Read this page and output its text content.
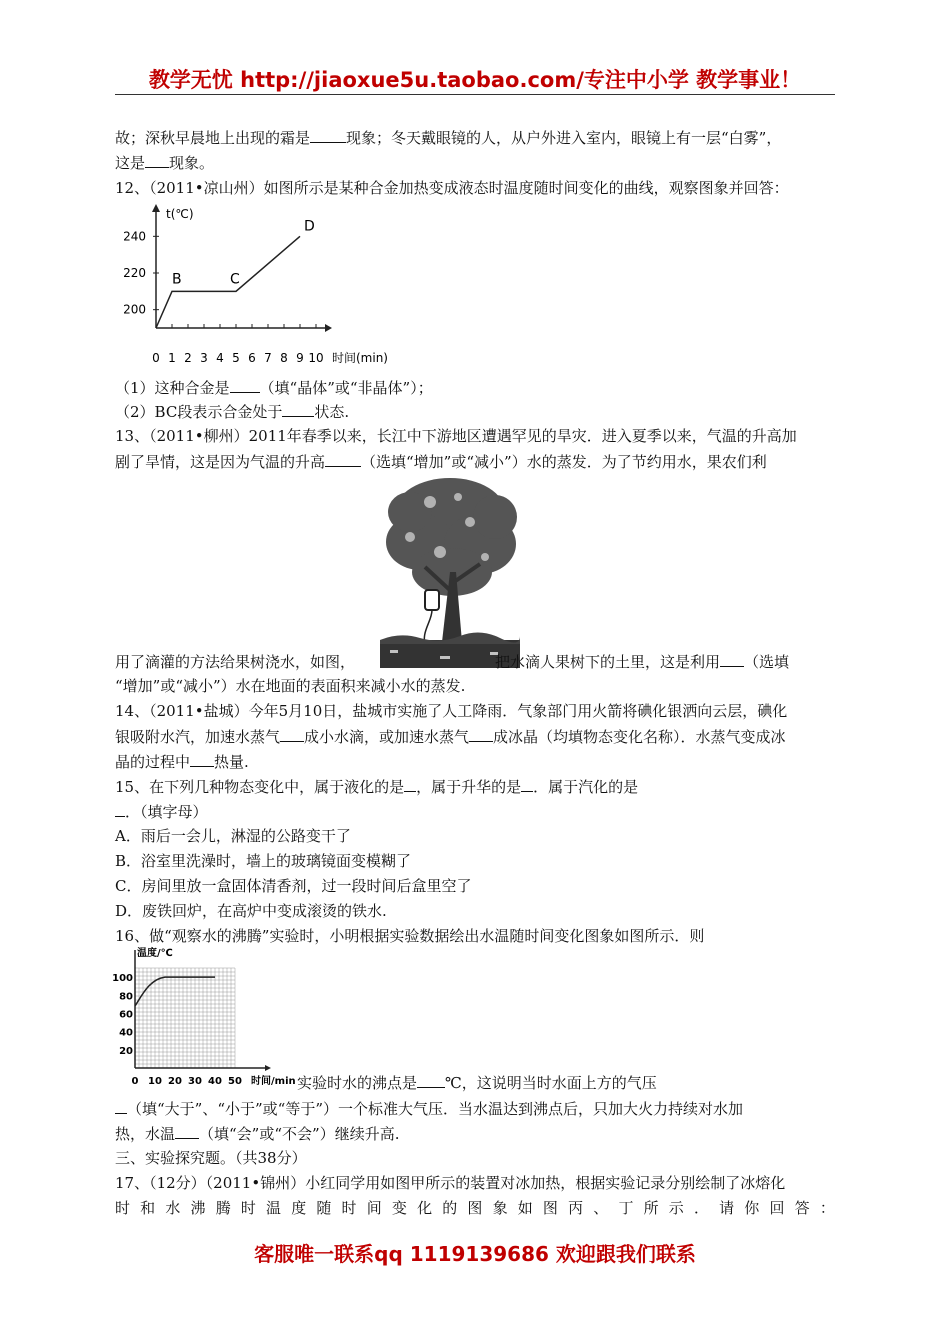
教学无忧 http://jiaoxue5u.taobao.com/专注中小学 教学事业！
故；深秋早晨地上出现的霜是 现象；冬天戴眼镜的人，从户外进入室内，眼镜上有一层“白雾”，
这是 现象。
12、（2011•凉山州）如图所示是某种合金加热变成液态时温度随时间变化的曲线，观察图象并回答：
t(℃)
时间(min)
240
220
200
0 1 2 3 4 5 6 7 8 9 10
B	C
D
（1）这种合金是 （填“晶体”或“非晶体”）；
（2）BC段表示合金处于 状态.
13、（2011•柳州）2011年春季以来，长江中下游地区遭遇罕见的旱灾．进入夏季以来，气温的升高加
剧了旱情，这是因为气温的升高 （选填“增加”或“减小”）水的蒸发．为了节约用水，果农们利
用了滴灌的方法给果树浇水，如图，	把水滴人果树下的土里，这是利用 （选填
“增加”或“减小”）水在地面的表面积来减小水的蒸发.
14、（2011•盐城）今年5月10日，盐城市实施了人工降雨．气象部门用火箭将碘化银洒向云层，碘化
银吸附水汽，加速水蒸气 成小水滴，或加速水蒸气 成冰晶（均填物态变化名称）．水蒸气变成冰
晶的过程中 热量.
15、在下列几种物态变化中，属于液化的是 ，属于升华的是 ．属于汽化的是
．（填字母）
A．雨后一会儿，淋湿的公路变干了
B．浴室里洗澡时，墙上的玻璃镜面变模糊了
C．房间里放一盒固体清香剂，过一段时间后盒里空了
D．废铁回炉，在高炉中变成滚烫的铁水.
16、做“观察水的沸腾”实验时，小明根据实验数据绘出水温随时间变化图象如图所示．则
温度/℃
时间/min
100
80
60
40
20
0 10 20 30 40 50	实验时水的沸点是 ℃，这说明当时水面上方的气压
（填“大于”、“小于”或“等于”）一个标准大气压．当水温达到沸点后，只加大火力持续对水加
热，水温 （填“会”或“不会”）继续升高.
三、实验探究题。（共38分）
17、（12分）（2011•锦州）小红同学用如图甲所示的装置对冰加热，根据实验记录分别绘制了冰熔化
时 和 水 沸 腾 时 温 度 随 时 间 变 化 的 图 象 如 图 丙 、 丁 所 示 ． 请 你 回 答 ：
客服唯一联系qq 1119139686 欢迎跟我们联系
